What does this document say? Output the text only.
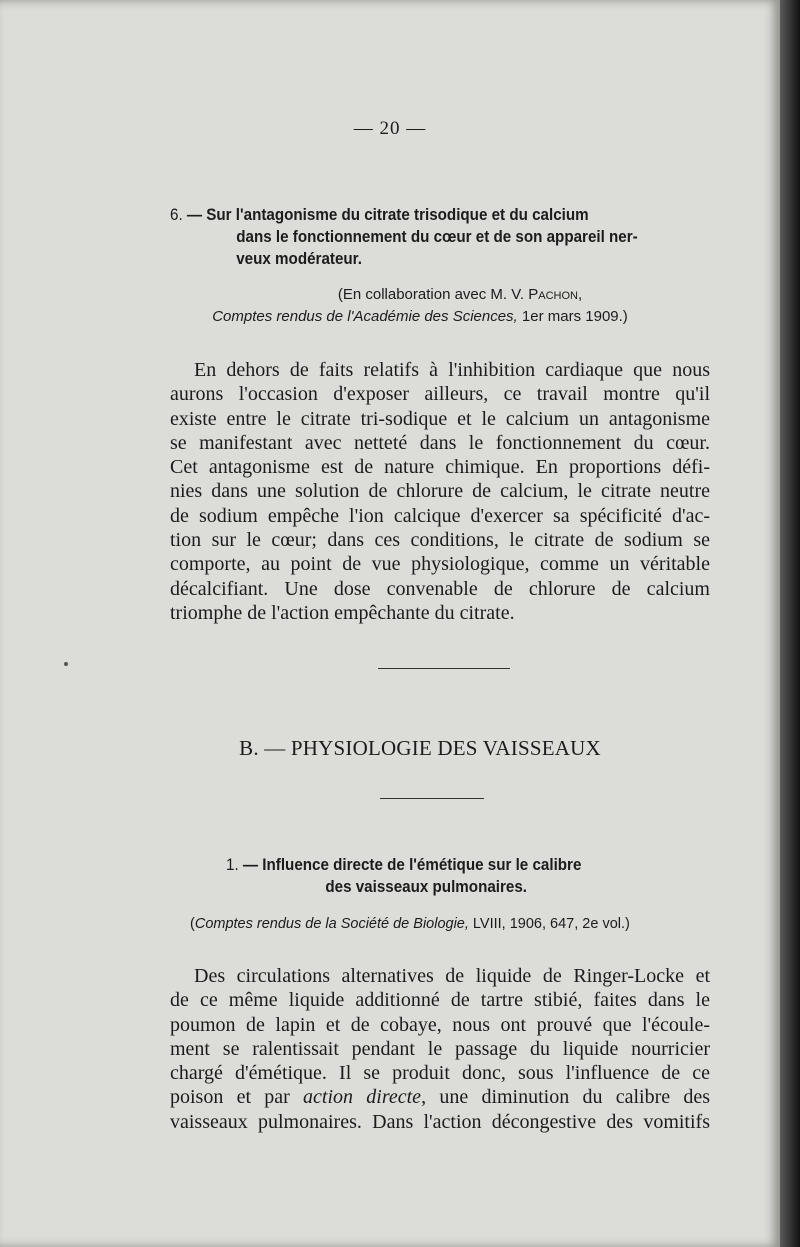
— 20 —
6. — Sur l'antagonisme du citrate trisodique et du calcium
dans le fonctionnement du cœur et de son appareil ner-
veux modérateur.
(En collaboration avec M. V. Pachon,
Comptes rendus de l'Académie des Sciences, 1er mars 1909.)
En dehors de faits relatifs à l'inhibition cardiaque que nous
aurons l'occasion d'exposer ailleurs, ce travail montre qu'il
existe entre le citrate tri-sodique et le calcium un antagonisme
se manifestant avec netteté dans le fonctionnement du cœur.
Cet antagonisme est de nature chimique. En proportions défi-
nies dans une solution de chlorure de calcium, le citrate neutre
de sodium empêche l'ion calcique d'exercer sa spécificité d'ac-
tion sur le cœur; dans ces conditions, le citrate de sodium se
comporte, au point de vue physiologique, comme un véritable
décalcifiant. Une dose convenable de chlorure de calcium
triomphe de l'action empêchante du citrate.
B. — PHYSIOLOGIE DES VAISSEAUX
1. — Influence directe de l'émétique sur le calibre
des vaisseaux pulmonaires.
(Comptes rendus de la Société de Biologie, LVIII, 1906, 647, 2e vol.)
Des circulations alternatives de liquide de Ringer-Locke et
de ce même liquide additionné de tartre stibié, faites dans le
poumon de lapin et de cobaye, nous ont prouvé que l'écoule-
ment se ralentissait pendant le passage du liquide nourricier
chargé d'émétique. Il se produit donc, sous l'influence de ce
poison et par action directe, une diminution du calibre des
vaisseaux pulmonaires. Dans l'action décongestive des vomitifs
